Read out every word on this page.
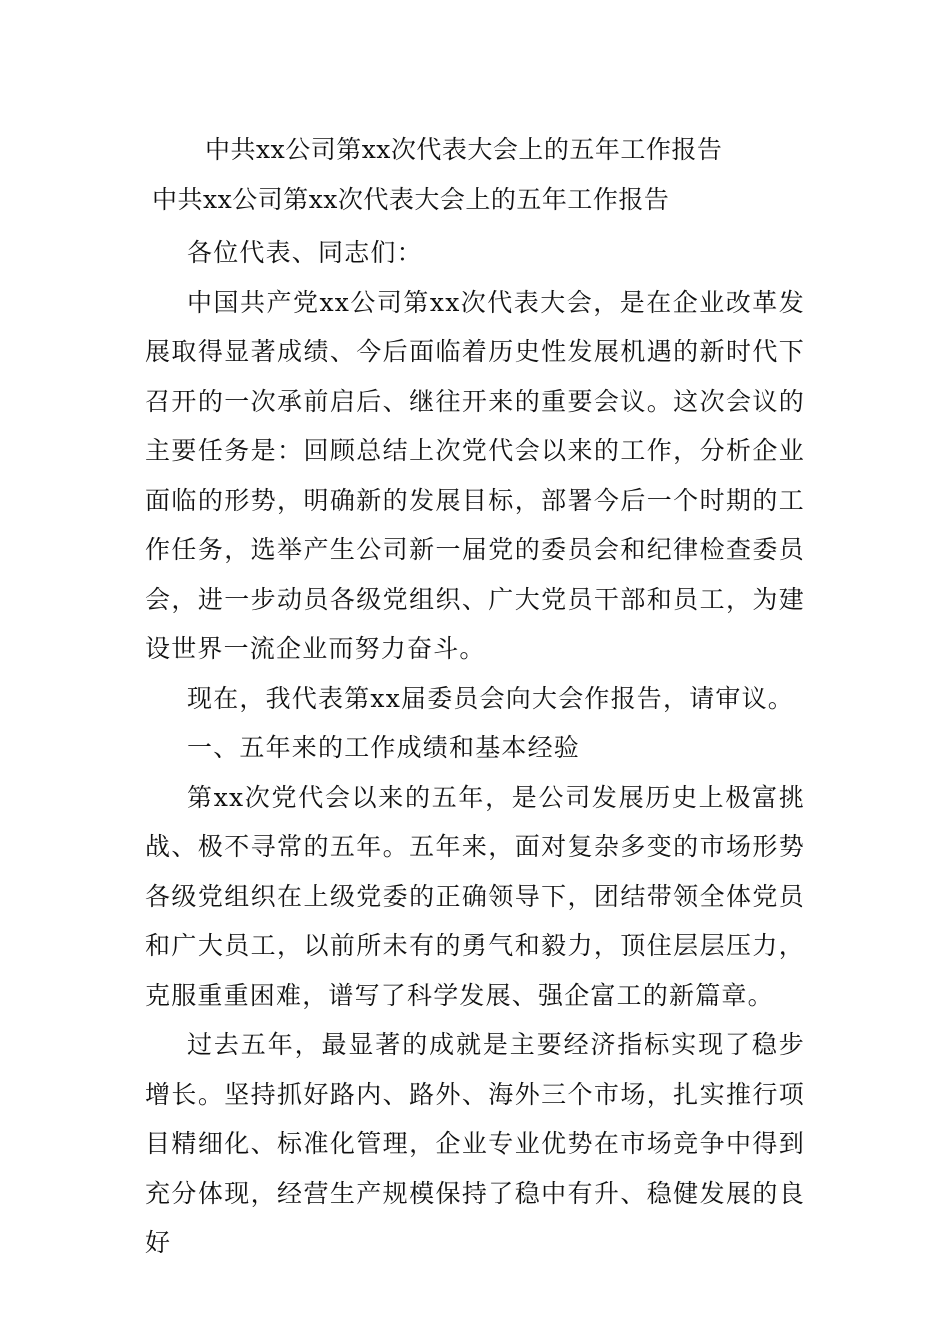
中共xx公司第xx次代表大会上的五年工作报告
中共xx公司第xx次代表大会上的五年工作报告

各位代表、同志们：

中国共产党xx公司第xx次代表大会，是在企业改革发展取得显著成绩、今后面临着历史性发展机遇的新时代下召开的一次承前启后、继往开来的重要会议。这次会议的主要任务是：回顾总结上次党代会以来的工作，分析企业面临的形势，明确新的发展目标，部署今后一个时期的工作任务，选举产生公司新一届党的委员会和纪律检查委员会，进一步动员各级党组织、广大党员干部和员工，为建设世界一流企业而努力奋斗。

现在，我代表第xx届委员会向大会作报告，请审议。

一、五年来的工作成绩和基本经验

第xx次党代会以来的五年，是公司发展历史上极富挑战、极不寻常的五年。五年来，面对复杂多变的市场形势各级党组织在上级党委的正确领导下，团结带领全体党员和广大员工，以前所未有的勇气和毅力，顶住层层压力，克服重重困难，谱写了科学发展、强企富工的新篇章。

过去五年，最显著的成就是主要经济指标实现了稳步增长。坚持抓好路内、路外、海外三个市场，扎实推行项目精细化、标准化管理，企业专业优势在市场竞争中得到充分体现，经营生产规模保持了稳中有升、稳健发展的良好
